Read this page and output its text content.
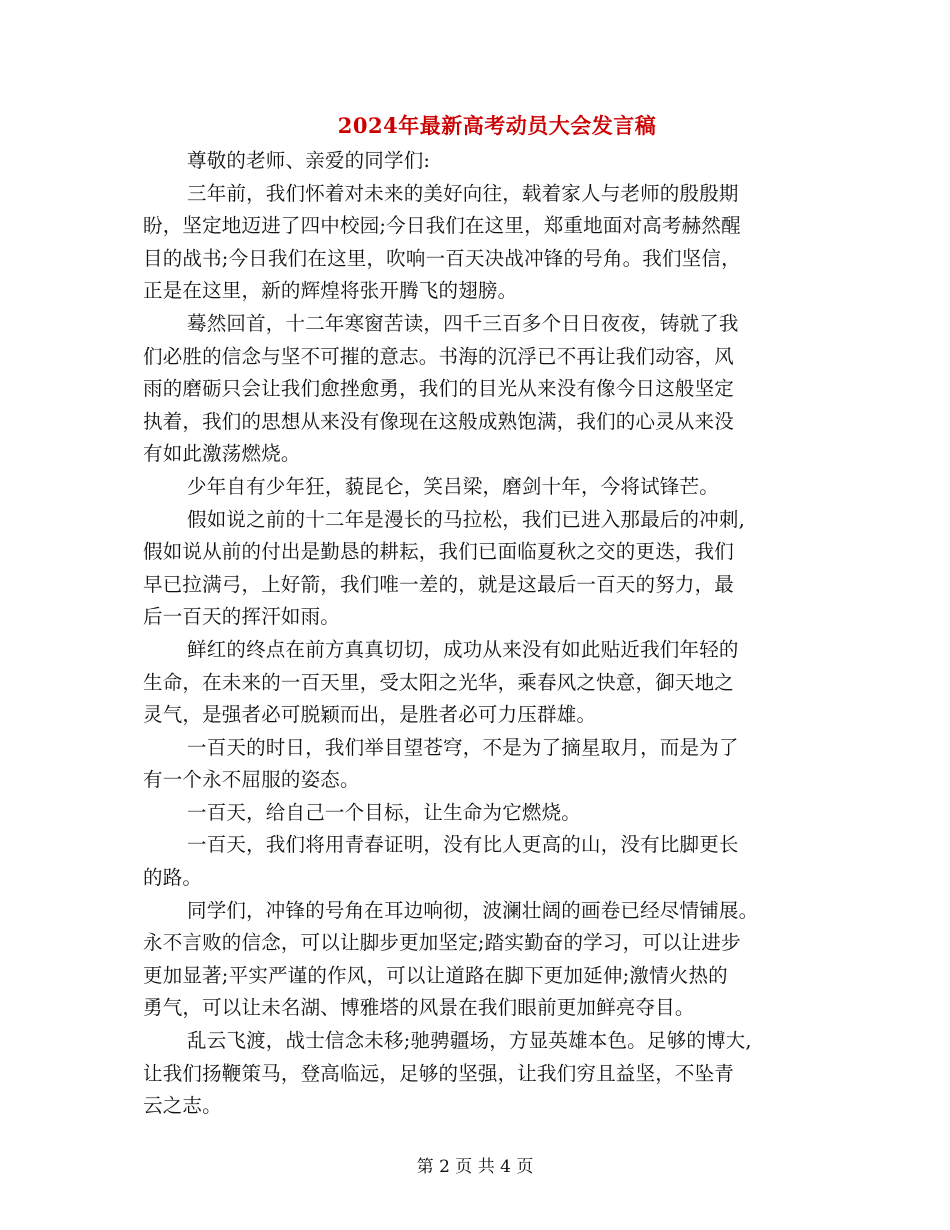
2024年最新高考动员大会发言稿
尊敬的老师、亲爱的同学们:
三年前，我们怀着对未来的美好向往，载着家人与老师的殷殷期
盼，坚定地迈进了四中校园;今日我们在这里，郑重地面对高考赫然醒
目的战书;今日我们在这里，吹响一百天决战冲锋的号角。我们坚信，
正是在这里，新的辉煌将张开腾飞的翅膀。
蓦然回首，十二年寒窗苦读，四千三百多个日日夜夜，铸就了我
们必胜的信念与坚不可摧的意志。书海的沉浮已不再让我们动容，风
雨的磨砺只会让我们愈挫愈勇，我们的目光从来没有像今日这般坚定
执着，我们的思想从来没有像现在这般成熟饱满，我们的心灵从来没
有如此激荡燃烧。
少年自有少年狂，藐昆仑，笑吕梁，磨剑十年，今将试锋芒。
假如说之前的十二年是漫长的马拉松，我们已进入那最后的冲刺,
假如说从前的付出是勤恳的耕耘，我们已面临夏秋之交的更迭，我们
早已拉满弓，上好箭，我们唯一差的，就是这最后一百天的努力，最
后一百天的挥汗如雨。
鲜红的终点在前方真真切切，成功从来没有如此贴近我们年轻的
生命，在未来的一百天里，受太阳之光华，乘春风之快意，御天地之
灵气，是强者必可脱颖而出，是胜者必可力压群雄。
一百天的时日，我们举目望苍穹，不是为了摘星取月，而是为了
有一个永不屈服的姿态。
一百天，给自己一个目标，让生命为它燃烧。
一百天，我们将用青春证明，没有比人更高的山，没有比脚更长
的路。
同学们，冲锋的号角在耳边响彻，波澜壮阔的画卷已经尽情铺展。
永不言败的信念，可以让脚步更加坚定;踏实勤奋的学习，可以让进步
更加显著;平实严谨的作风，可以让道路在脚下更加延伸;激情火热的
勇气，可以让未名湖、博雅塔的风景在我们眼前更加鲜亮夺目。
乱云飞渡，战士信念未移;驰骋疆场，方显英雄本色。足够的博大,
让我们扬鞭策马，登高临远，足够的坚强，让我们穷且益坚，不坠青
云之志。
第 2 页 共 4 页
